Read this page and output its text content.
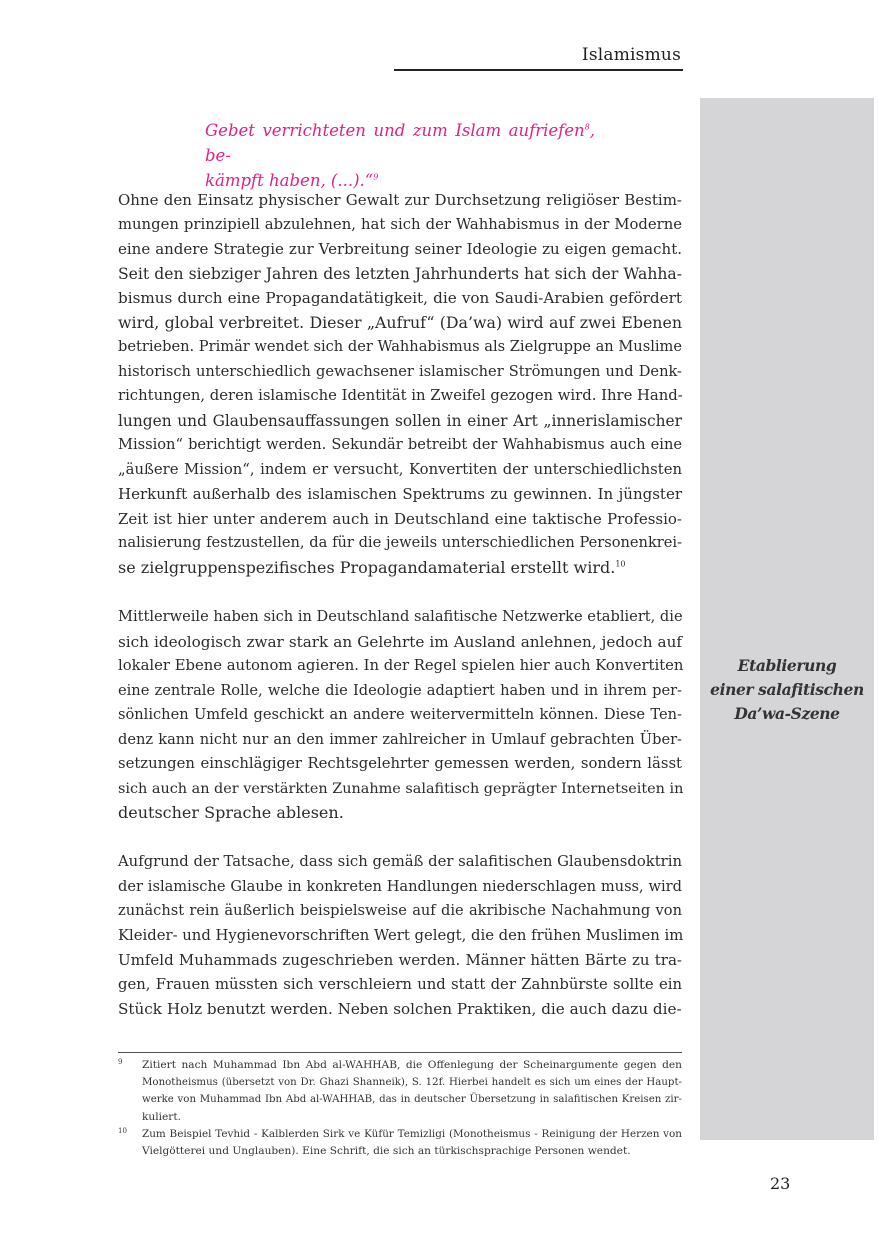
Islamismus
Etablierung
einer salafitischen
Da’wa-Szene
Gebet verrichteten und zum Islam aufriefen$^8$, be-
kämpft haben, (...).“$^9$
Ohne den Einsatz physischer Gewalt zur Durchsetzung religiöser Bestim-
mungen prinzipiell abzulehnen, hat sich der Wahhabismus in der Moderne
eine andere Strategie zur Verbreitung seiner Ideologie zu eigen gemacht.
Seit den siebziger Jahren des letzten Jahrhunderts hat sich der Wahha-
bismus durch eine Propagandatätigkeit, die von Saudi-Arabien gefördert
wird, global verbreitet. Dieser „Aufruf“ (Da’wa) wird auf zwei Ebenen
betrieben. Primär wendet sich der Wahhabismus als Zielgruppe an Muslime
historisch unterschiedlich gewachsener islamischer Strömungen und Denk-
richtungen, deren islamische Identität in Zweifel gezogen wird. Ihre Hand-
lungen und Glaubensauffassungen sollen in einer Art „innerislamischer
Mission“ berichtigt werden. Sekundär betreibt der Wahhabismus auch eine
„äußere Mission“, indem er versucht, Konvertiten der unterschiedlichsten
Herkunft außerhalb des islamischen Spektrums zu gewinnen. In jüngster
Zeit ist hier unter anderem auch in Deutschland eine taktische Professio-
nalisierung festzustellen, da für die jeweils unterschiedlichen Personenkrei-
se zielgruppenspezifisches Propagandamaterial erstellt wird.$^{10}$
Mittlerweile haben sich in Deutschland salafitische Netzwerke etabliert, die
sich ideologisch zwar stark an Gelehrte im Ausland anlehnen, jedoch auf
lokaler Ebene autonom agieren. In der Regel spielen hier auch Konvertiten
eine zentrale Rolle, welche die Ideologie adaptiert haben und in ihrem per-
sönlichen Umfeld geschickt an andere weitervermitteln können. Diese Ten-
denz kann nicht nur an den immer zahlreicher in Umlauf gebrachten Über-
setzungen einschlägiger Rechtsgelehrter gemessen werden, sondern lässt
sich auch an der verstärkten Zunahme salafitisch geprägter Internetseiten in
deutscher Sprache ablesen.
Aufgrund der Tatsache, dass sich gemäß der salafitischen Glaubensdoktrin
der islamische Glaube in konkreten Handlungen niederschlagen muss, wird
zunächst rein äußerlich beispielsweise auf die akribische Nachahmung von
Kleider- und Hygienevorschriften Wert gelegt, die den frühen Muslimen im
Umfeld Muhammads zugeschrieben werden. Männer hätten Bärte zu tra-
gen, Frauen müssten sich verschleiern und statt der Zahnbürste sollte ein
Stück Holz benutzt werden. Neben solchen Praktiken, die auch dazu die-
9 Zitiert nach Muhammad Ibn Abd al-WAHHAB, die Offenlegung der Scheinargumente gegen den
Monotheismus (übersetzt von Dr. Ghazi Shanneik), S. 12f. Hierbei handelt es sich um eines der Haupt-
werke von Muhammad Ibn Abd al-WAHHAB, das in deutscher Übersetzung in salafitischen Kreisen zir-
kuliert.
10 Zum Beispiel Tevhid - Kalblerden Sirk ve Küfür Temizligi (Monotheismus - Reinigung der Herzen von
Vielgötterei und Unglauben). Eine Schrift, die sich an türkischsprachige Personen wendet.
23
